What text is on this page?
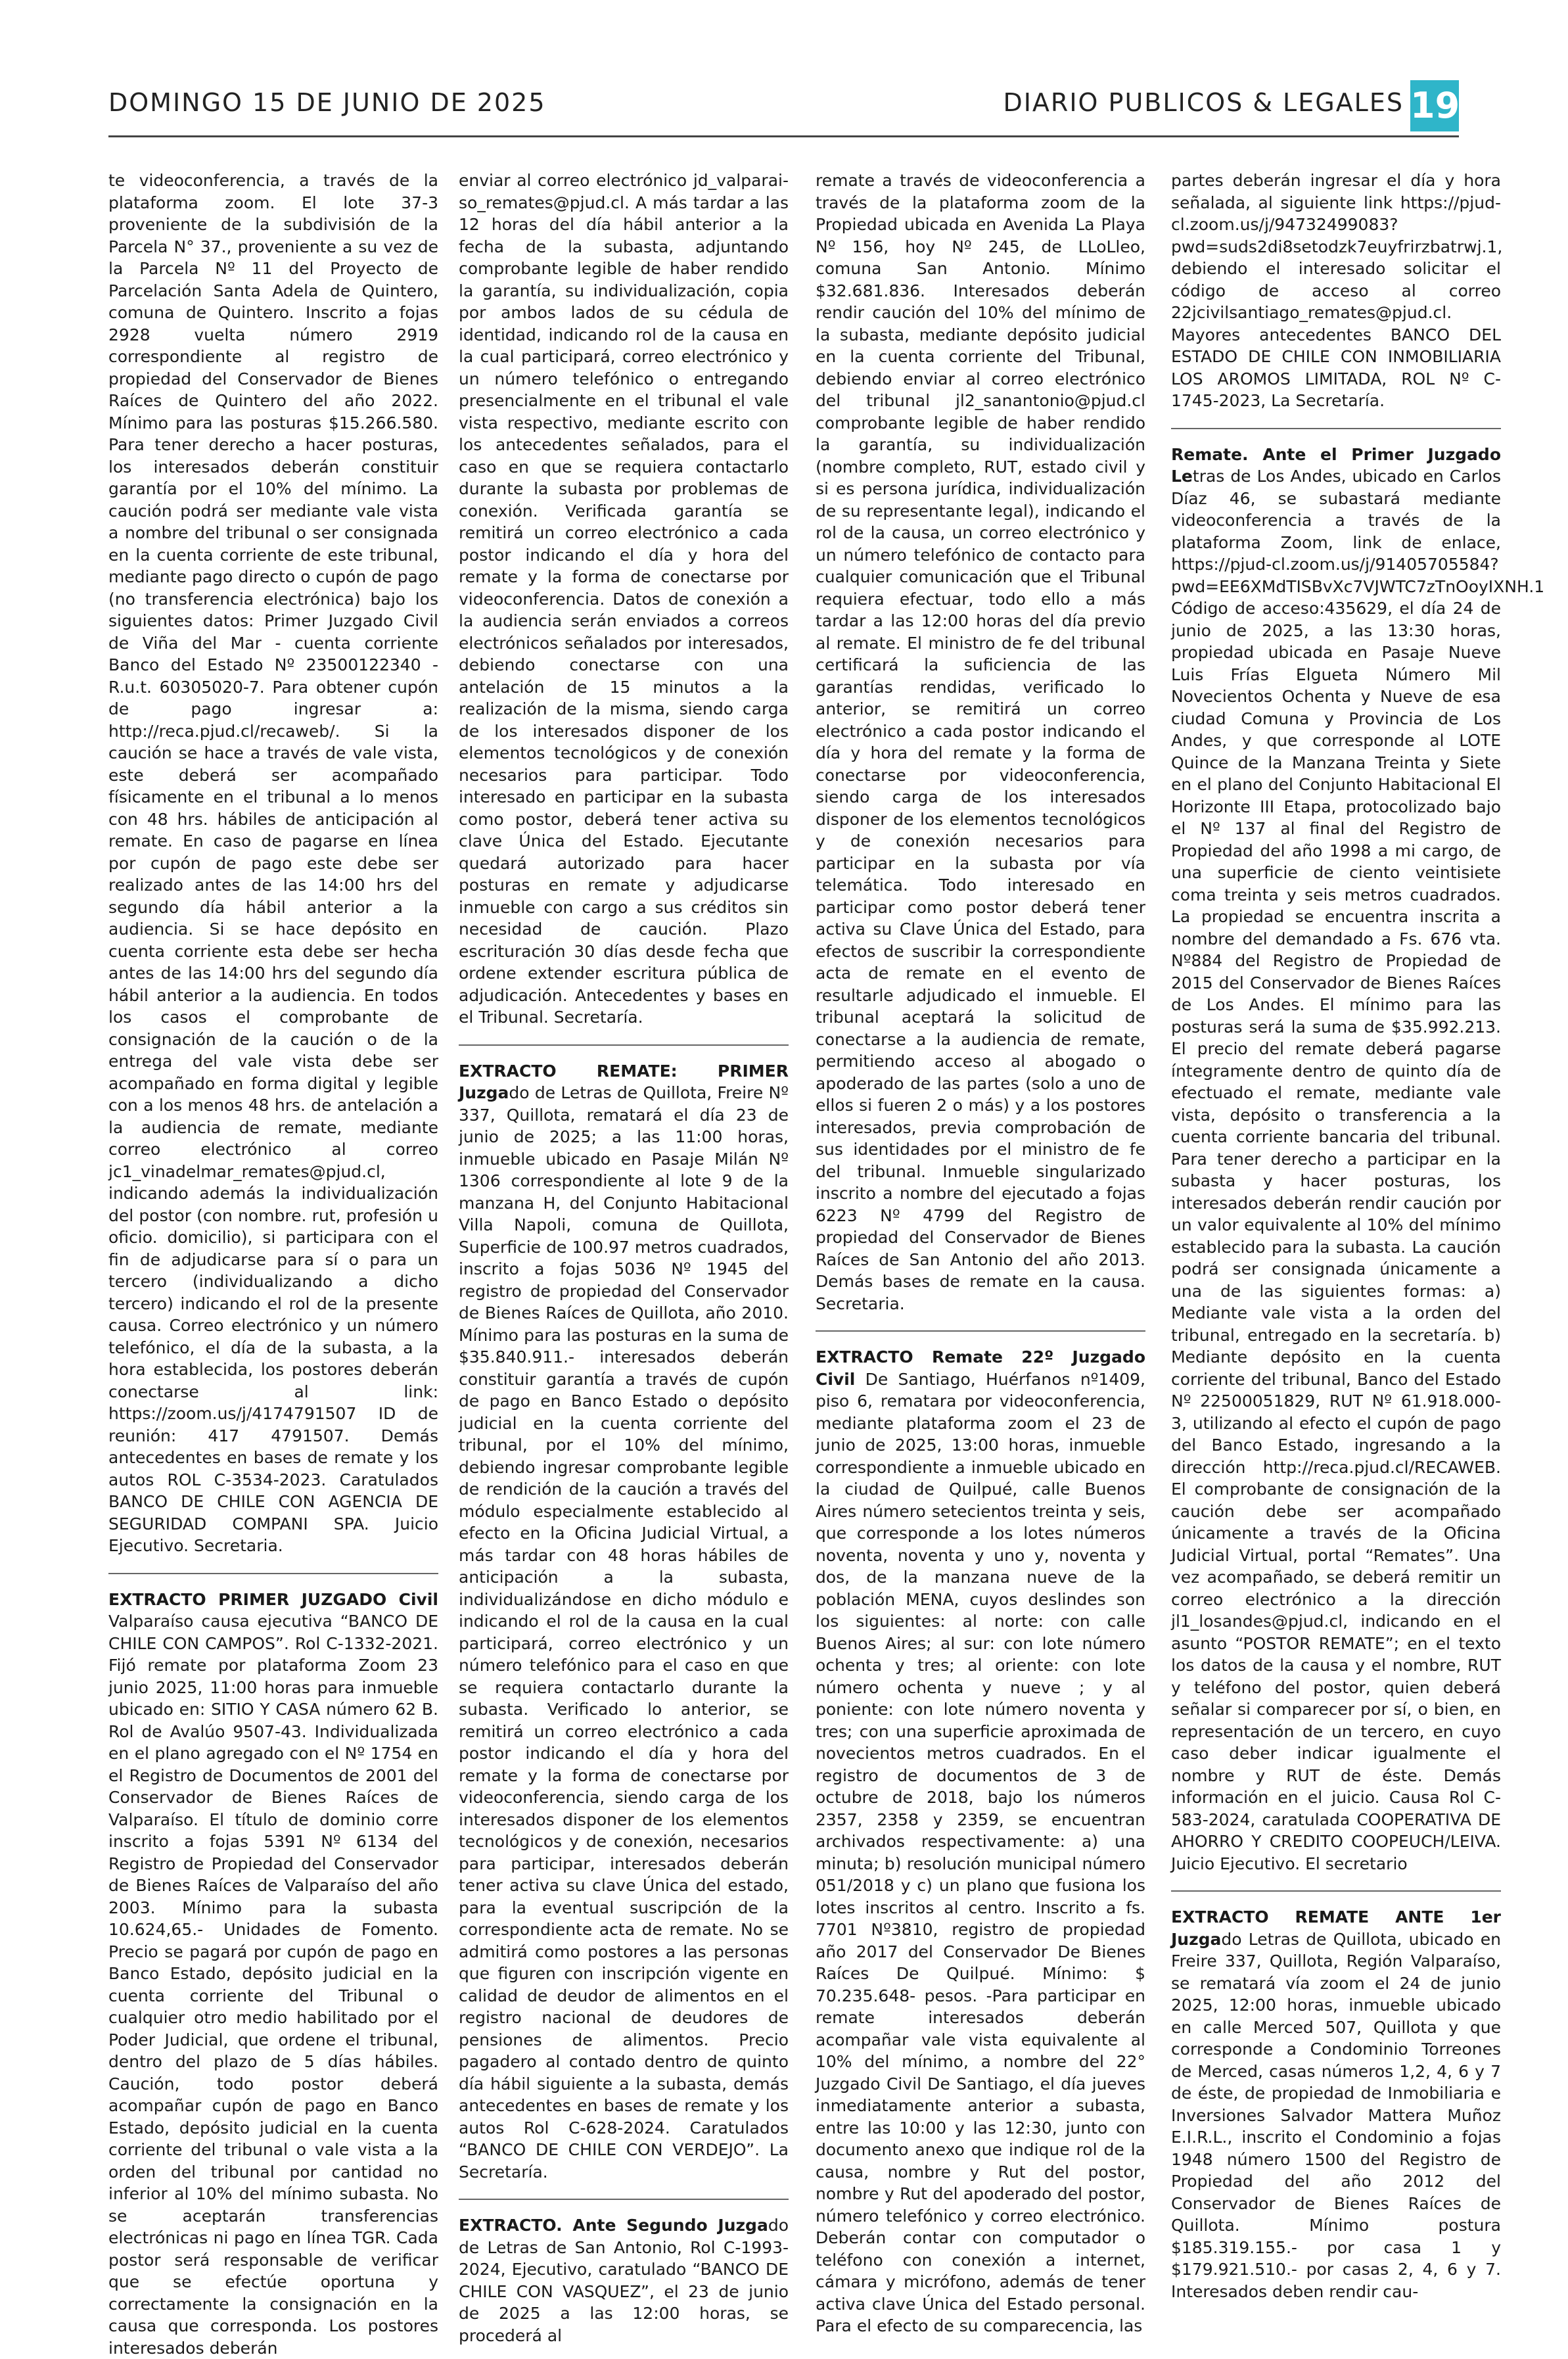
DOMINGO 15 DE JUNIO DE 2025	DIARIO PUBLICOS & LEGALES 19

te videoconferencia, a través de la plataforma zoom. El lote 37-3 proveniente de la subdivisión de la Parcela N° 37., proveniente a su vez de la Parcela Nº 11 del Proyecto de Parcelación Santa Adela de Quintero, comuna de Quintero. Inscrito a fojas 2928 vuelta número 2919 correspondiente al registro de propiedad del Conservador de Bienes Raíces de Quintero del año 2022. Mínimo para las posturas $15.266.580. Para tener derecho a hacer posturas, los interesados deberán constituir garantía por el 10% del mínimo. La caución podrá ser mediante vale vista a nombre del tribunal o ser consignada en la cuenta corriente de este tribunal, mediante pago directo o cupón de pago (no transferencia electrónica) bajo los siguientes datos: Primer Juzgado Civil de Viña del Mar - cuenta corriente Banco del Estado Nº 23500122340 - R.u.t. 60305020-7. Para obtener cupón de pago ingresar a: http://reca.pjud.cl/recaweb/. Si la caución se hace a través de vale vista, este deberá ser acompañado físicamente en el tribunal a lo menos con 48 hrs. hábiles de anticipación al remate. En caso de pagarse en línea por cupón de pago este debe ser realizado antes de las 14:00 hrs del segundo día hábil anterior a la audiencia. Si se hace depósito en cuenta corriente esta debe ser hecha antes de las 14:00 hrs del segundo día hábil anterior a la audiencia. En todos los casos el comprobante de consignación de la caución o de la entrega del vale vista debe ser acompañado en forma digital y legible con a los menos 48 hrs. de antelación a la audiencia de remate, mediante correo electrónico al correo jc1_vinadelmar_remates@pjud.cl, indicando además la individualización del postor (con nombre. rut, profesión u oficio. domicilio), si participara con el fin de adjudicarse para sí o para un tercero (individualizando a dicho tercero) indicando el rol de la presente causa. Correo electrónico y un número telefónico, el día de la subasta, a la hora establecida, los postores deberán conectarse al link: https://zoom.us/j/4174791507 ID de reunión: 417 4791507. Demás antecedentes en bases de remate y los autos ROL C-3534-2023. Caratulados BANCO DE CHILE CON AGENCIA DE SEGURIDAD COMPANI SPA. Juicio Ejecutivo. Secretaria.

EXTRACTO PRIMER JUZGADO Civil Valparaíso causa ejecutiva “BANCO DE CHILE CON CAMPOS”. Rol C-1332-2021. Fijó remate por plataforma Zoom 23 junio 2025, 11:00 horas para inmueble ubicado en: SITIO Y CASA número 62 B. Rol de Avalúo 9507-43. Individualizada en el plano agregado con el Nº 1754 en el Registro de Documentos de 2001 del Conservador de Bienes Raíces de Valparaíso. El título de dominio corre inscrito a fojas 5391 Nº 6134 del Registro de Propiedad del Conservador de Bienes Raíces de Valparaíso del año 2003. Mínimo para la subasta 10.624,65.- Unidades de Fomento. Precio se pagará por cupón de pago en Banco Estado, depósito judicial en la cuenta corriente del Tribunal o cualquier otro medio habilitado por el Poder Judicial, que ordene el tribunal, dentro del plazo de 5 días hábiles. Caución, todo postor deberá acompañar cupón de pago en Banco Estado, depósito judicial en la cuenta corriente del tribunal o vale vista a la orden del tribunal por cantidad no inferior al 10% del mínimo subasta. No se aceptarán transferencias electrónicas ni pago en línea TGR. Cada postor será responsable de verificar que se efectúe oportuna y correctamente la consignación en la causa que correspondа. Los postores interesados deberán

enviar al correo electrónico jd_valparai-so_remates@pjud.cl. A más tardar a las 12 horas del día hábil anterior a la fecha de la subasta, adjuntando comprobante legible de haber rendido la garantía, su individualización, copia por ambos lados de su cédula de identidad, indicando rol de la causa en la cual participará, correo electrónico y un número telefónico o entregando presencialmente en el tribunal el vale vista respectivo, mediante escrito con los antecedentes señalados, para el caso en que se requiera contactarlo durante la subasta por problemas de conexión. Verificada garantía se remitirá un correo electrónico a cada postor indicando el día y hora del remate y la forma de conectarse por videoconferencia. Datos de conexión a la audiencia serán enviados a correos electrónicos señalados por interesados, debiendo conectarse con una antelación de 15 minutos a la realización de la misma, siendo carga de los interesados disponer de los elementos tecnológicos y de conexión necesarios para participar. Todo interesado en participar en la subasta como postor, deberá tener activa su clave Única del Estado. Ejecutante quedará autorizado para hacer posturas en remate y adjudicarse inmueble con cargo a sus créditos sin necesidad de caución. Plazo escrituración 30 días desde fecha que ordene extender escritura pública de adjudicación. Antecedentes y bases en el Tribunal. Secretaría.

EXTRACTO REMATE: PRIMER Juzgado de Letras de Quillota, Freire Nº 337, Quillota, rematará el día 23 de junio de 2025; a las 11:00 horas, inmueble ubicado en Pasaje Milán Nº 1306 correspondiente al lote 9 de la manzana H, del Conjunto Habitacional Villa Napoli, comuna de Quillota, Superficie de 100.97 metros cuadrados, inscrito a fojas 5036 Nº 1945 del registro de propiedad del Conservador de Bienes Raíces de Quillota, año 2010. Mínimo para las posturas en la suma de $35.840.911.- interesados deberán constituir garantía a través de cupón de pago en Banco Estado o depósito judicial en la cuenta corriente del tribunal, por el 10% del mínimo, debiendo ingresar comprobante legible de rendición de la caución a través del módulo especialmente establecido al efecto en la Oficina Judicial Virtual, a más tardar con 48 horas hábiles de anticipación a la subasta, individualizándose en dicho módulo e indicando el rol de la causa en la cual participará, correo electrónico y un número telefónico para el caso en que se requiera contactarlo durante la subasta. Verificado lo anterior, se remitirá un correo electrónico a cada postor indicando el día y hora del remate y la forma de conectarse por videoconferencia, siendo carga de los interesados disponer de los elementos tecnológicos y de conexión, necesarios para participar, interesados deberán tener activa su clave Única del estado, para la eventual suscripción de la correspondiente acta de remate. No se admitirá como postores a las personas que figuren con inscripción vigente en calidad de deudor de alimentos en el registro nacional de deudores de pensiones de alimentos. Precio pagadero al contado dentro de quinto día hábil siguiente a la subasta, demás antecedentes en bases de remate y los autos Rol C-628-2024. Caratulados “BANCO DE CHILE CON VERDEJO”. La Secretaría.

EXTRACTO. Ante Segundo Juzgado de Letras de San Antonio, Rol C-1993-2024, Ejecutivo, caratulado “BANCO DE CHILE CON VASQUEZ”, el 23 de junio de 2025 a las 12:00 horas, se procederá al

remate a través de videoconferencia a través de la plataforma zoom de la Propiedad ubicada en Avenida La Playa Nº 156, hoy Nº 245, de LLoLleo, comuna San Antonio. Mínimo $32.681.836. Interesados deberán rendir caución del 10% del mínimo de la subasta, mediante depósito judicial en la cuenta corriente del Tribunal, debiendo enviar al correo electrónico del tribunal jl2_sanantonio@pjud.cl comprobante legible de haber rendido la garantía, su individualización (nombre completo, RUT, estado civil y si es persona jurídica, individualización de su representante legal), indicando el rol de la causa, un correo electrónico y un número telefónico de contacto para cualquier comunicación que el Tribunal requiera efectuar, todo ello a más tardar a las 12:00 horas del día previo al remate. El ministro de fe del tribunal certificará la suficiencia de las garantías rendidas, verificado lo anterior, se remitirá un correo electrónico a cada postor indicando el día y hora del remate y la forma de conectarse por videoconferencia, siendo carga de los interesados disponer de los elementos tecnológicos y de conexión necesarios para participar en la subasta por vía telemática. Todo interesado en participar como postor deberá tener activa su Clave Única del Estado, para efectos de suscribir la correspondiente acta de remate en el evento de resultarle adjudicado el inmueble. El tribunal aceptará la solicitud de conectarse a la audiencia de remate, permitiendo acceso al abogado o apoderado de las partes (solo a uno de ellos si fueren 2 o más) y a los postores interesados, previa comprobación de sus identidades por el ministro de fe del tribunal. Inmueble singularizado inscrito a nombre del ejecutado a fojas 6223 Nº 4799 del Registro de propiedad del Conservador de Bienes Raíces de San Antonio del año 2013. Demás bases de remate en la causa. Secretaria.

EXTRACTO Remate 22º Juzgado Civil De Santiago, Huérfanos nº1409, piso 6, rematara por videoconferencia, mediante plataforma zoom el 23 de junio de 2025, 13:00 horas, inmueble correspondiente a inmueble ubicado en la ciudad de Quilpué, calle Buenos Aires número setecientos treinta y seis, que corresponde a los lotes números noventa, noventa y uno y, noventa y dos, de la manzana nueve de la población MENA, cuyos deslindes son los siguientes: al norte: con calle Buenos Aires; al sur: con lote número ochenta y tres; al oriente: con lote número ochenta y nueve ; y al poniente: con lote número noventa y tres; con una superficie aproximada de novecientos metros cuadrados. En el registro de documentos de 3 de octubre de 2018, bajo los números 2357, 2358 y 2359, se encuentran archivados respectivamente: a) una minuta; b) resolución municipal número 051/2018 y c) un plano que fusiona los lotes inscritos al centro. Inscrito a fs. 7701 Nº3810, registro de propiedad año 2017 del Conservador De Bienes Raíces De Quilpué. Mínimo: $ 70.235.648- pesos. -Para participar en remate interesados deberán acompañar vale vista equivalente al 10% del mínimo, a nombre del 22° Juzgado Civil De Santiago, el día jueves inmediatamente anterior a subasta, entre las 10:00 y las 12:30, junto con documento anexo que indique rol de la causa, nombre y Rut del postor, nombre y Rut del apoderado del postor, número telefónico y correo electrónico. Deberán contar con computador o teléfono con conexión a internet, cámara y micrófono, además de tener activa clave Única del Estado personal. Para el efecto de su comparecencia, las

partes deberán ingresar el día y hora señalada, al siguiente link https://pjud-cl.zoom.us/j/94732499083?pwd=suds2di8setodzk7euyfrirzbatrwj.1, debiendo el interesado solicitar el código de acceso al correo 22jcivilsantiago_remates@pjud.cl. Mayores antecedentes BANCO DEL ESTADO DE CHILE CON INMOBILIARIA LOS AROMOS LIMITADA, ROL Nº C-1745-2023, La Secretaría.

Remate. Ante el Primer Juzgado Letras de Los Andes, ubicado en Carlos Díaz 46, se subastará mediante videoconferencia a través de la plataforma Zoom, link de enlace, https://pjud-cl.zoom.us/j/91405705584?pwd=EE6XMdTISBvXc7VJWTC7zTnOoyIXNH.1 Código de acceso:435629, el día 24 de junio de 2025, a las 13:30 horas, propiedad ubicada en Pasaje Nueve Luis Frías Elgueta Número Mil Novecientos Ochenta y Nueve de esa ciudad Comuna y Provincia de Los Andes, y que corresponde al LOTE Quince de la Manzana Treinta y Siete en el plano del Conjunto Habitacional El Horizonte III Etapa, protocolizado bajo el Nº 137 al final del Registro de Propiedad del año 1998 a mi cargo, de una superficie de ciento veintisiete coma treinta y seis metros cuadrados. La propiedad se encuentra inscrita a nombre del demandado a Fs. 676 vta. Nº884 del Registro de Propiedad de 2015 del Conservador de Bienes Raíces de Los Andes. El mínimo para las posturas será la suma de $35.992.213. El precio del remate deberá pagarse íntegramente dentro de quinto día de efectuado el remate, mediante vale vista, depósito o transferencia a la cuenta corriente bancaria del tribunal. Para tener derecho a participar en la subasta y hacer posturas, los interesados deberán rendir caución por un valor equivalente al 10% del mínimo establecido para la subasta. La caución podrá ser consignada únicamente a una de las siguientes formas: a) Mediante vale vista a la orden del tribunal, entregado en la secretaría. b) Mediante depósito en la cuenta corriente del tribunal, Banco del Estado Nº 22500051829, RUT Nº 61.918.000-3, utilizando al efecto el cupón de pago del Banco Estado, ingresando a la dirección http://reca.pjud.cl/RECAWEB. El comprobante de consignación de la caución debe ser acompañado únicamente a través de la Oficina Judicial Virtual, portal “Remates”. Una vez acompañado, se deberá remitir un correo electrónico a la dirección jl1_losandes@pjud.cl, indicando en el asunto “POSTOR REMATE”; en el texto los datos de la causa y el nombre, RUT y teléfono del postor, quien deberá señalar si comparecer por sí, o bien, en representación de un tercero, en cuyo caso deber indicar igualmente el nombre y RUT de éste. Demás información en el juicio. Causa Rol C-583-2024, caratulada COOPERATIVA DE AHORRO Y CREDITO COOPEUCH/LEIVA. Juicio Ejecutivo. El secretario

EXTRACTO REMATE ANTE 1er Juzgado Letras de Quillota, ubicado en Freire 337, Quillota, Región Valparaíso, se rematará vía zoom el 24 de junio 2025, 12:00 horas, inmueble ubicado en calle Merced 507, Quillota y que corresponde a Condominio Torreones de Merced, casas números 1,2, 4, 6 y 7 de éste, de propiedad de Inmobiliaria e Inversiones Salvador Mattera Muñoz E.I.R.L., inscrito el Condominio a fojas 1948 número 1500 del Registro de Propiedad del año 2012 del Conservador de Bienes Raíces de Quillota. Mínimo postura $185.319.155.- por casa 1 y $179.921.510.- por casas 2, 4, 6 y 7. Interesados deben rendir cau-
